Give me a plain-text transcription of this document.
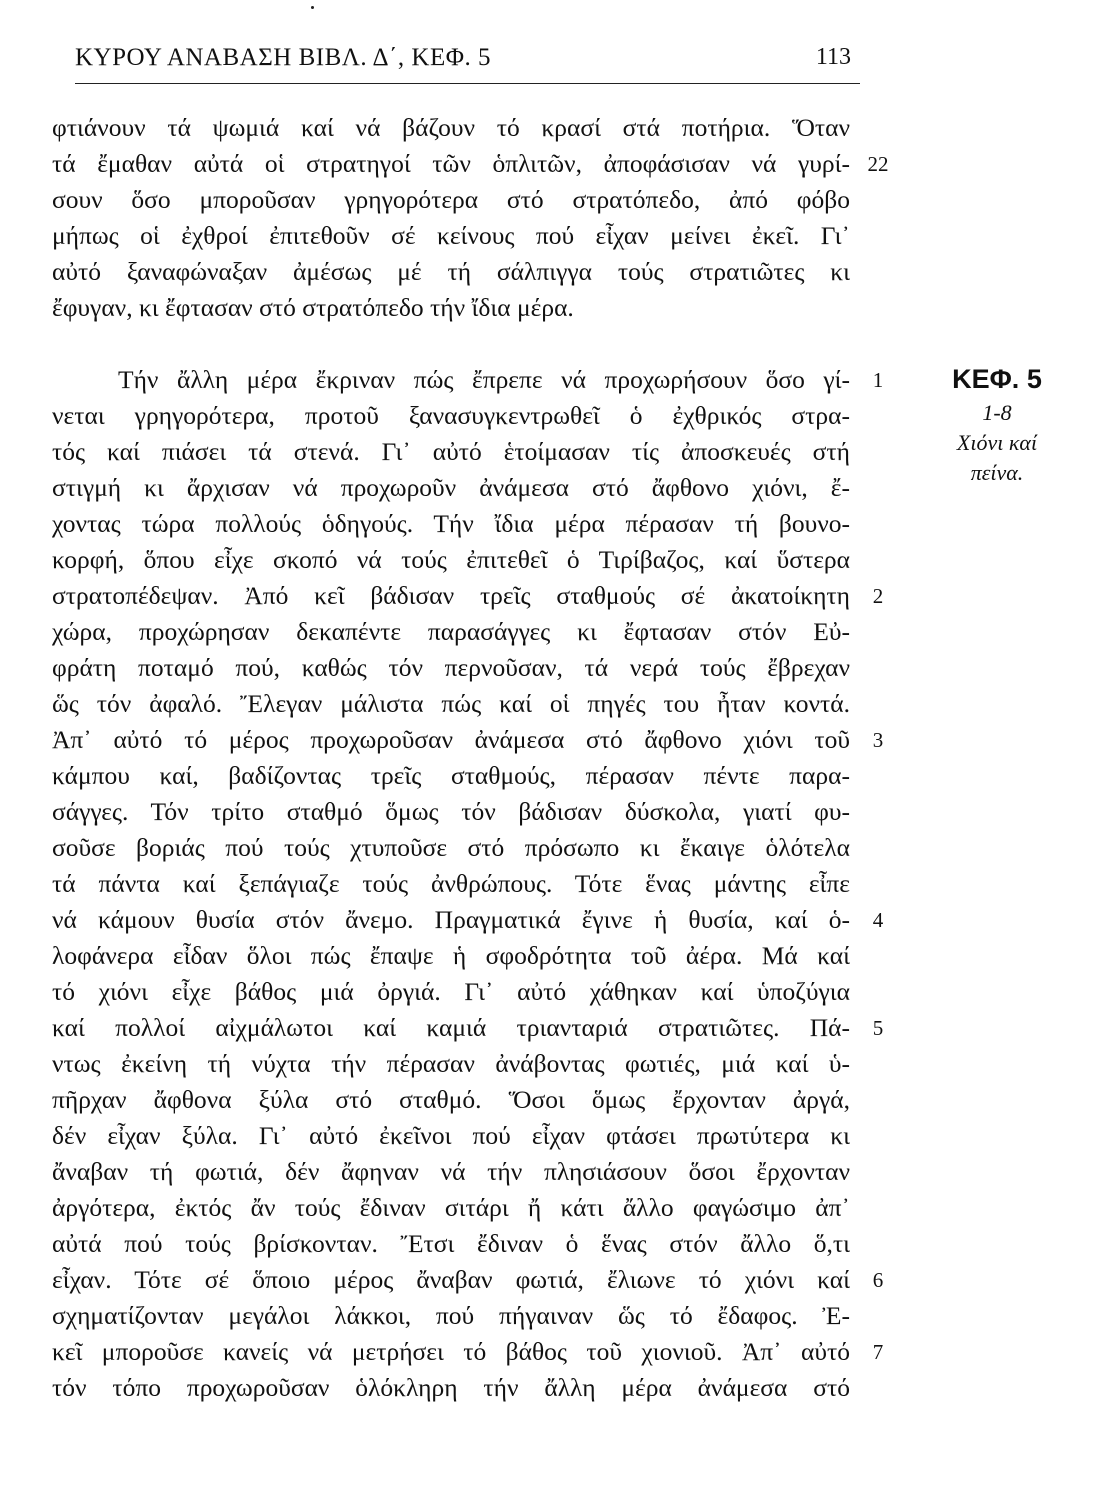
ΚΥΡΟΥ ΑΝΑΒΑΣΗ ΒΙΒΛ. Δ΄, ΚΕΦ. 5	113
φτιάνουν τά ψωμιά καί νά βάζουν τό κρασί στά ποτήρια. Ὅταν
τά ἔμαθαν αὐτά οἱ στρατηγοί τῶν ὁπλιτῶν, ἀποφάσισαν νά γυρί-
σουν ὅσο μποροῦσαν γρηγορότερα στό στρατόπεδο, ἀπό φόβο
μήπως οἱ ἐχθροί ἐπιτεθοῦν σέ κείνους πού εἶχαν μείνει ἐκεῖ. Γι᾽
αὐτό ξαναφώναξαν ἀμέσως μέ τή σάλπιγγα τούς στρατιῶτες κι
ἔφυγαν, κι ἔφτασαν στό στρατόπεδο τήν ἴδια μέρα.
22
ΚΕΦ. 5
1-8
Χιόνι καί
πείνα.
Τήν ἄλλη μέρα ἔκριναν πώς ἔπρεπε νά προχωρήσουν ὅσο γί-
νεται γρηγορότερα, προτοῦ ξανασυγκεντρωθεῖ ὁ ἐχθρικός στρα-
τός καί πιάσει τά στενά. Γι᾽ αὐτό ἑτοίμασαν τίς ἀποσκευές στή
στιγμή κι ἄρχισαν νά προχωροῦν ἀνάμεσα στό ἄφθονο χιόνι, ἔ-
χοντας τώρα πολλούς ὁδηγούς. Τήν ἴδια μέρα πέρασαν τή βουνο-
κορφή, ὅπου εἶχε σκοπό νά τούς ἐπιτεθεῖ ὁ Τιρίβαζος, καί ὕστερα
στρατοπέδεψαν. Ἀπό κεῖ βάδισαν τρεῖς σταθμούς σέ ἀκατοίκητη
χώρα, προχώρησαν δεκαπέντε παρασάγγες κι ἔφτασαν στόν Εὐ-
φράτη ποταμό πού, καθώς τόν περνοῦσαν, τά νερά τούς ἔβρεχαν
ὥς τόν ἀφαλό. Ἔλεγαν μάλιστα πώς καί οἱ πηγές του ἦταν κοντά.
Ἀπ᾽ αὐτό τό μέρος προχωροῦσαν ἀνάμεσα στό ἄφθονο χιόνι τοῦ
κάμπου καί, βαδίζοντας τρεῖς σταθμούς, πέρασαν πέντε παρα-
σάγγες. Τόν τρίτο σταθμό ὅμως τόν βάδισαν δύσκολα, γιατί φυ-
σοῦσε βοριάς πού τούς χτυποῦσε στό πρόσωπο κι ἔκαιγε ὁλότελα
τά πάντα καί ξεπάγιαζε τούς ἀνθρώπους. Τότε ἕνας μάντης εἶπε
νά κάμουν θυσία στόν ἄνεμο. Πραγματικά ἔγινε ἡ θυσία, καί ὁ-
λοφάνερα εἶδαν ὅλοι πώς ἔπαψε ἡ σφοδρότητα τοῦ ἀέρα. Μά καί
τό χιόνι εἶχε βάθος μιά ὀργιά. Γι᾽ αὐτό χάθηκαν καί ὑποζύγια
καί πολλοί αἰχμάλωτοι καί καμιά τριανταριά στρατιῶτες. Πά-
ντως ἐκείνη τή νύχτα τήν πέρασαν ἀνάβοντας φωτιές, μιά καί ὑ-
πῆρχαν ἄφθονα ξύλα στό σταθμό. Ὅσοι ὅμως ἔρχονταν ἀργά,
δέν εἶχαν ξύλα. Γι᾽ αὐτό ἐκεῖνοι πού εἶχαν φτάσει πρωτύτερα κι
ἄναβαν τή φωτιά, δέν ἄφηναν νά τήν πλησιάσουν ὅσοι ἔρχονταν
ἀργότερα, ἐκτός ἄν τούς ἔδιναν σιτάρι ἤ κάτι ἄλλο φαγώσιμο ἀπ᾽
αὐτά πού τούς βρίσκονταν. Ἔτσι ἔδιναν ὁ ἕνας στόν ἄλλο ὅ,τι
εἶχαν. Τότε σέ ὅποιο μέρος ἄναβαν φωτιά, ἔλιωνε τό χιόνι καί
σχηματίζονταν μεγάλοι λάκκοι, πού πήγαιναν ὥς τό ἔδαφος. Ἐ-
κεῖ μποροῦσε κανείς νά μετρήσει τό βάθος τοῦ χιονιοῦ. Ἀπ᾽ αὐτό
τόν τόπο προχωροῦσαν ὁλόκληρη τήν ἄλλη μέρα ἀνάμεσα στό
1
2
3
4
5
6
7
